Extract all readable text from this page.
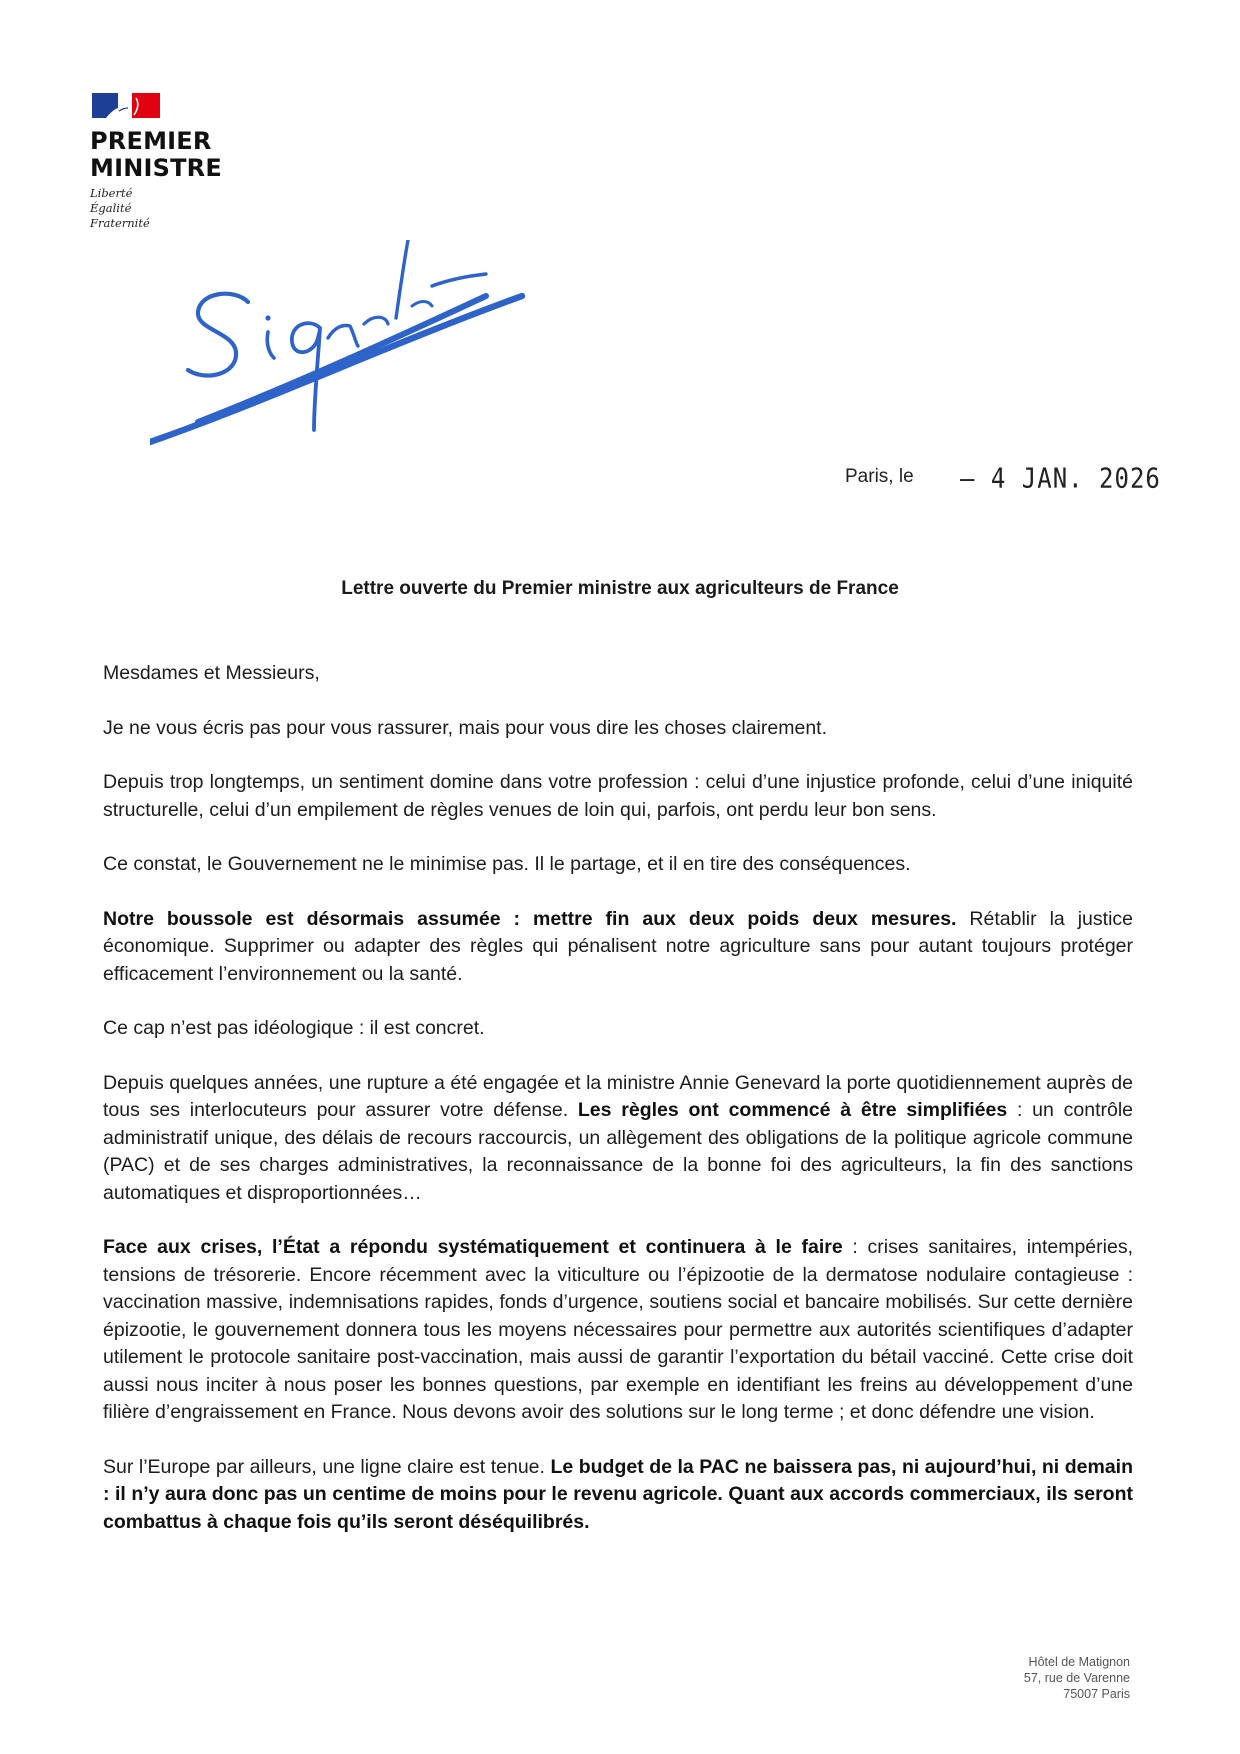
PREMIER
MINISTRE
Liberté
Égalité
Fraternité
Paris, le – 4 JAN. 2026
Lettre ouverte du Premier ministre aux agriculteurs de France

Mesdames et Messieurs,

Je ne vous écris pas pour vous rassurer, mais pour vous dire les choses clairement.

Depuis trop longtemps, un sentiment domine dans votre profession : celui d’une injustice profonde, celui d’une iniquité structurelle, celui d’un empilement de règles venues de loin qui, parfois, ont perdu leur bon sens.

Ce constat, le Gouvernement ne le minimise pas. Il le partage, et il en tire des conséquences.

Notre boussole est désormais assumée : mettre fin aux deux poids deux mesures. Rétablir la justice économique. Supprimer ou adapter des règles qui pénalisent notre agriculture sans pour autant toujours protéger efficacement l’environnement ou la santé.

Ce cap n’est pas idéologique : il est concret.

Depuis quelques années, une rupture a été engagée et la ministre Annie Genevard la porte quotidiennement auprès de tous ses interlocuteurs pour assurer votre défense. Les règles ont commencé à être simplifiées : un contrôle administratif unique, des délais de recours raccourcis, un allègement des obligations de la politique agricole commune (PAC) et de ses charges administratives, la reconnaissance de la bonne foi des agriculteurs, la fin des sanctions automatiques et disproportionnées…

Face aux crises, l’État a répondu systématiquement et continuera à le faire : crises sanitaires, intempéries, tensions de trésorerie. Encore récemment avec la viticulture ou l’épizootie de la dermatose nodulaire contagieuse : vaccination massive, indemnisations rapides, fonds d’urgence, soutiens social et bancaire mobilisés. Sur cette dernière épizootie, le gouvernement donnera tous les moyens nécessaires pour permettre aux autorités scientifiques d’adapter utilement le protocole sanitaire post-vaccination, mais aussi de garantir l’exportation du bétail vacciné. Cette crise doit aussi nous inciter à nous poser les bonnes questions, par exemple en identifiant les freins au développement d’une filière d’engraissement en France. Nous devons avoir des solutions sur le long terme ; et donc défendre une vision.

Sur l’Europe par ailleurs, une ligne claire est tenue. Le budget de la PAC ne baissera pas, ni aujourd’hui, ni demain : il n’y aura donc pas un centime de moins pour le revenu agricole. Quant aux accords commerciaux, ils seront combattus à chaque fois qu’ils seront déséquilibrés.

Hôtel de Matignon
57, rue de Varenne
75007 Paris
